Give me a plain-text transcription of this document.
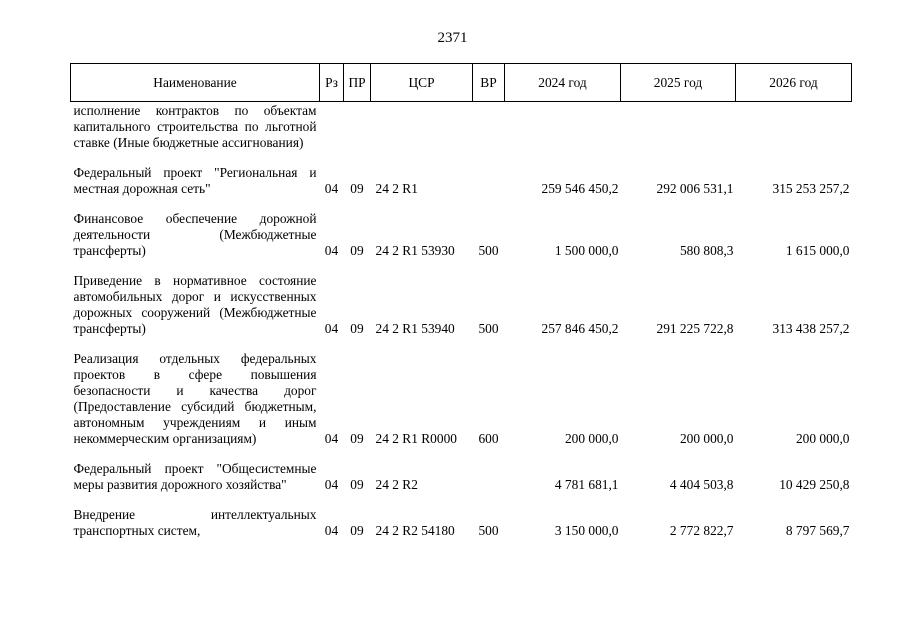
2371
Наименование	Рз	ПР	ЦСР	ВР	2024 год	2025 год	2026 год
исполнение контрактов по объектам капитального строительства по льготной ставке (Иные бюджетные ассигнования)							
Федеральный проект "Региональная и местная дорожная сеть"	04	09	24 2 R1		259 546 450,2	292 006 531,1	315 253 257,2
Финансовое обеспечение дорожной деятельности (Межбюджетные трансферты)	04	09	24 2 R1 53930	500	1 500 000,0	580 808,3	1 615 000,0
Приведение в нормативное состояние автомобильных дорог и искусственных дорожных сооружений (Межбюджетные трансферты)	04	09	24 2 R1 53940	500	257 846 450,2	291 225 722,8	313 438 257,2
Реализация отдельных федеральных проектов в сфере повышения безопасности и качества дорог (Предоставление субсидий бюджетным, автономным учреждениям и иным некоммерческим организациям)	04	09	24 2 R1 R0000	600	200 000,0	200 000,0	200 000,0
Федеральный проект "Общесистемные меры развития дорожного хозяйства"	04	09	24 2 R2		4 781 681,1	4 404 503,8	10 429 250,8
Внедрение интеллектуальных транспортных систем,	04	09	24 2 R2 54180	500	3 150 000,0	2 772 822,7	8 797 569,7
